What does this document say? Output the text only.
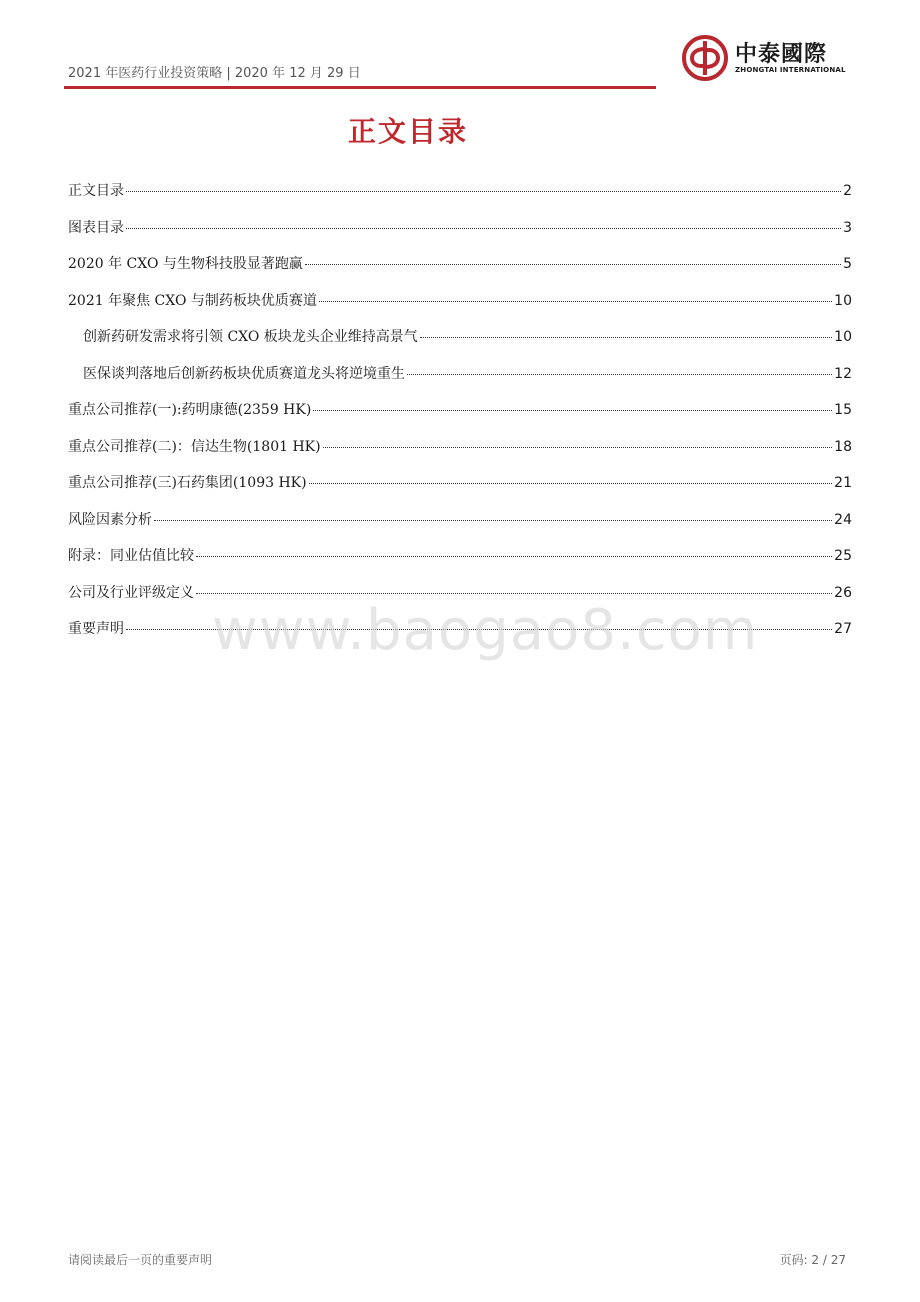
2021 年医药行业投资策略 | 2020 年 12 月 29 日
中泰國際
ZHONGTAI INTERNATIONAL
正文目录
正文目录	2
图表目录	3
2020 年 CXO 与生物科技股显著跑赢	5
2021 年聚焦 CXO 与制药板块优质赛道	10
创新药研发需求将引领 CXO 板块龙头企业维持高景气	10
医保谈判落地后创新药板块优质赛道龙头将逆境重生	12
重点公司推荐(一):药明康德(2359 HK)	15
重点公司推荐(二)：信达生物(1801 HK)	18
重点公司推荐(三)石药集团(1093 HK)	21
风险因素分析	24
附录：同业估值比较	25
公司及行业评级定义	26
重要声明	27
www.baogao8.com
请阅读最后一页的重要声明	页码: 2 / 27
